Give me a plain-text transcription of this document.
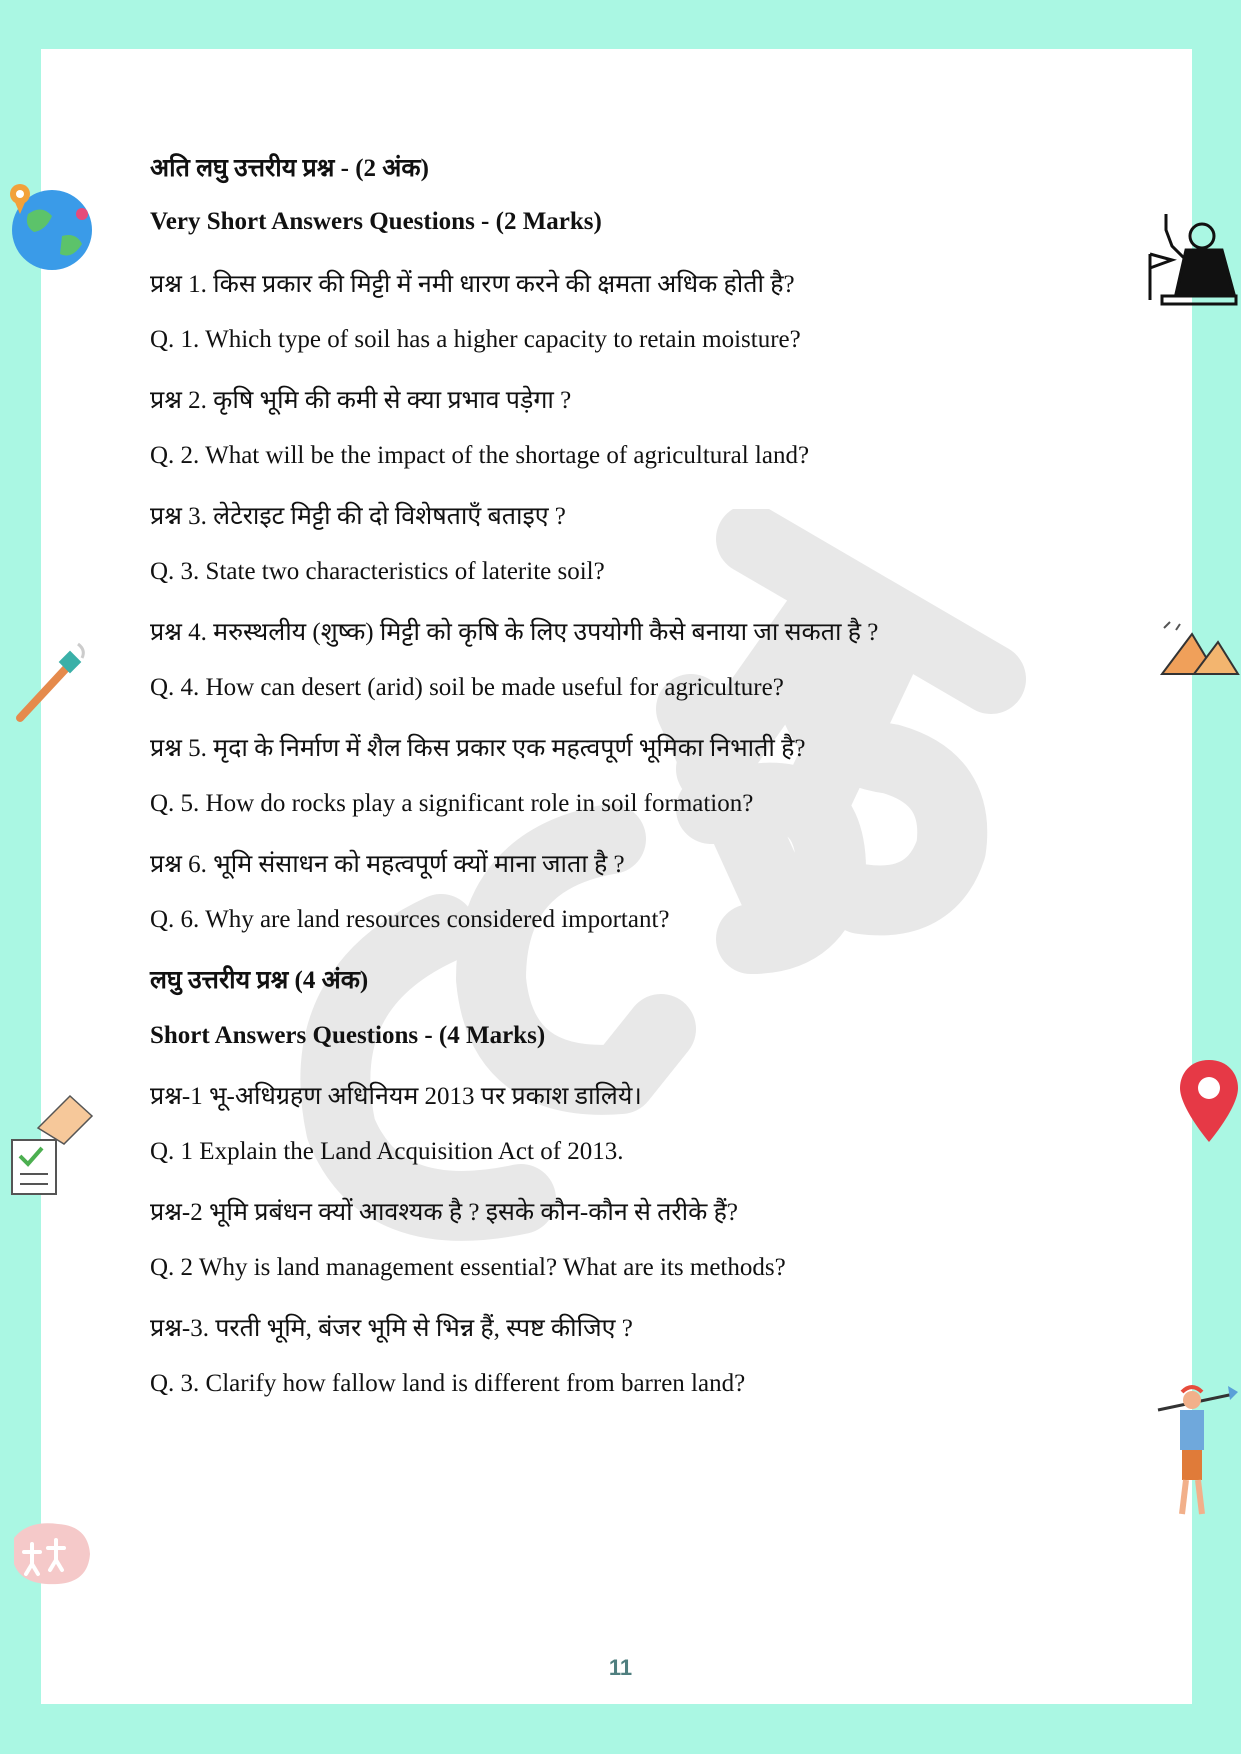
अति लघु उत्तरीय प्रश्न - (2 अंक)
Very Short Answers Questions - (2 Marks)
प्रश्न 1. किस प्रकार की मिट्टी में नमी धारण करने की क्षमता अधिक होती है?
Q. 1. Which type of soil has a higher capacity to retain moisture?
प्रश्न 2. कृषि भूमि की कमी से क्या प्रभाव पड़ेगा ?
Q. 2. What will be the impact of the shortage of agricultural land?
प्रश्न 3. लेटेराइट मिट्टी की दो विशेषताएँ बताइए ?
Q. 3. State two characteristics of laterite soil?
प्रश्न 4. मरुस्थलीय (शुष्क) मिट्टी को कृषि के लिए उपयोगी कैसे बनाया जा सकता है ?
Q. 4. How can desert (arid) soil be made useful for agriculture?
प्रश्न 5. मृदा के निर्माण में शैल किस प्रकार एक महत्वपूर्ण भूमिका निभाती है?
Q. 5. How do rocks play a significant role in soil formation?
प्रश्न 6. भूमि संसाधन को महत्वपूर्ण क्यों माना जाता है ?
Q. 6. Why are land resources considered important?
लघु उत्तरीय प्रश्न (4 अंक)
Short Answers Questions - (4 Marks)
प्रश्न-1 भू-अधिग्रहण अधिनियम 2013 पर प्रकाश डालिये।
Q. 1 Explain the Land Acquisition Act of 2013.
प्रश्न-2 भूमि प्रबंधन क्यों आवश्यक है ? इसके कौन-कौन से तरीके हैं?
Q. 2 Why is land management essential? What are its methods?
प्रश्न-3. परती भूमि, बंजर भूमि से भिन्न हैं, स्पष्ट कीजिए ?
Q. 3. Clarify how fallow land is different from barren land?
11
